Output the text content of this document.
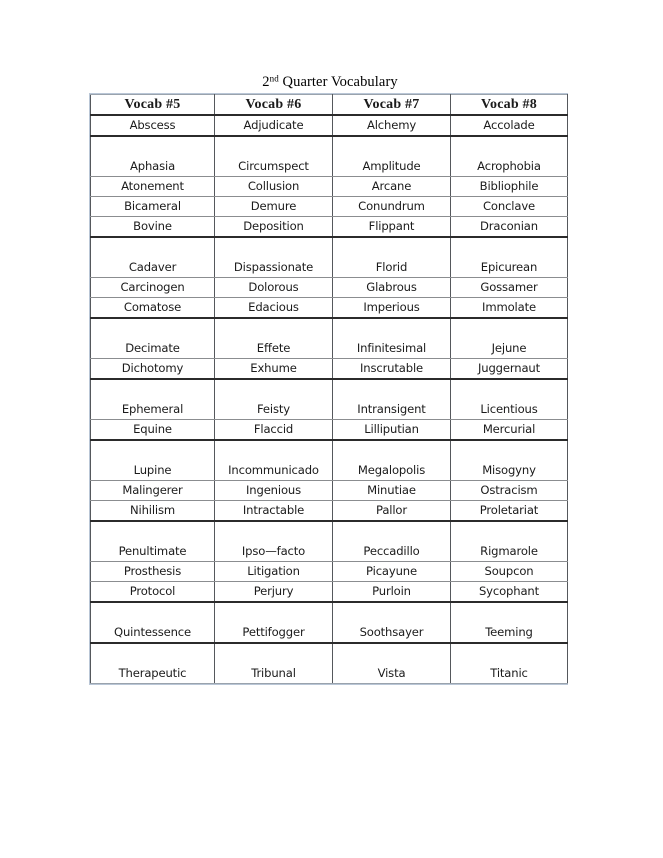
2nd Quarter Vocabulary
Vocab #5	Vocab #6	Vocab #7	Vocab #8
Abscess	Adjudicate	Alchemy	Accolade
Aphasia	Circumspect	Amplitude	Acrophobia
Atonement	Collusion	Arcane	Bibliophile
Bicameral	Demure	Conundrum	Conclave
Bovine	Deposition	Flippant	Draconian
Cadaver	Dispassionate	Florid	Epicurean
Carcinogen	Dolorous	Glabrous	Gossamer
Comatose	Edacious	Imperious	Immolate
Decimate	Effete	Infinitesimal	Jejune
Dichotomy	Exhume	Inscrutable	Juggernaut
Ephemeral	Feisty	Intransigent	Licentious
Equine	Flaccid	Lilliputian	Mercurial
Lupine	Incommunicado	Megalopolis	Misogyny
Malingerer	Ingenious	Minutiae	Ostracism
Nihilism	Intractable	Pallor	Proletariat
Penultimate	Ipso—facto	Peccadillo	Rigmarole
Prosthesis	Litigation	Picayune	Soupcon
Protocol	Perjury	Purloin	Sycophant
Quintessence	Pettifogger	Soothsayer	Teeming
Therapeutic	Tribunal	Vista	Titanic
